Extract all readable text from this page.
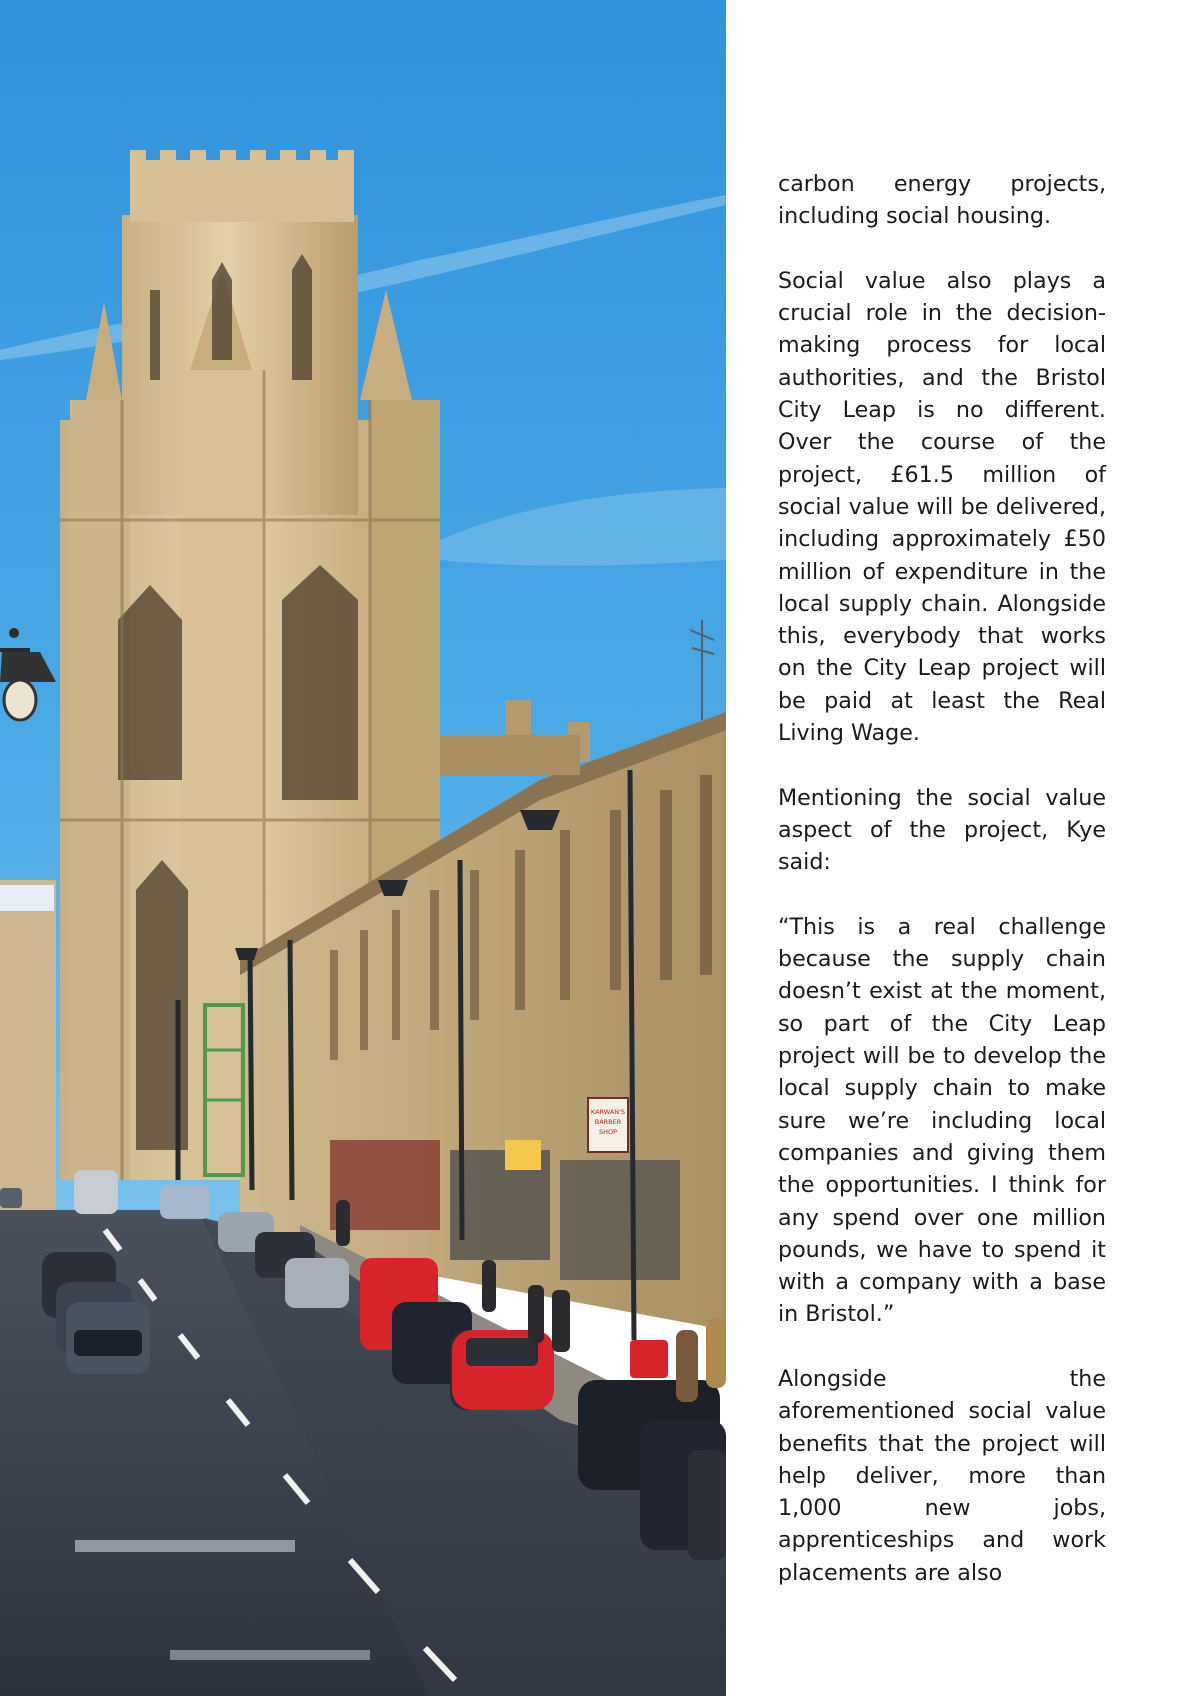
KARWAN'S
BARBER
SHOP

carbon energy projects, including social housing.

Social value also plays a crucial role in the decision-making process for local authorities, and the Bristol City Leap is no different. Over the course of the project, £61.5 million of social value will be delivered, including approximately £50 million of expenditure in the local supply chain. Alongside this, everybody that works on the City Leap project will be paid at least the Real Living Wage.

Mentioning the social value aspect of the project, Kye said:

“This is a real challenge because the supply chain doesn’t exist at the moment, so part of the City Leap project will be to develop the local supply chain to make sure we’re including local companies and giving them the opportunities. I think for any spend over one million pounds, we have to spend it with a company with a base in Bristol.”

Alongside the aforementioned social value benefits that the project will help deliver, more than 1,000 new jobs, apprenticeships and work placements are also
